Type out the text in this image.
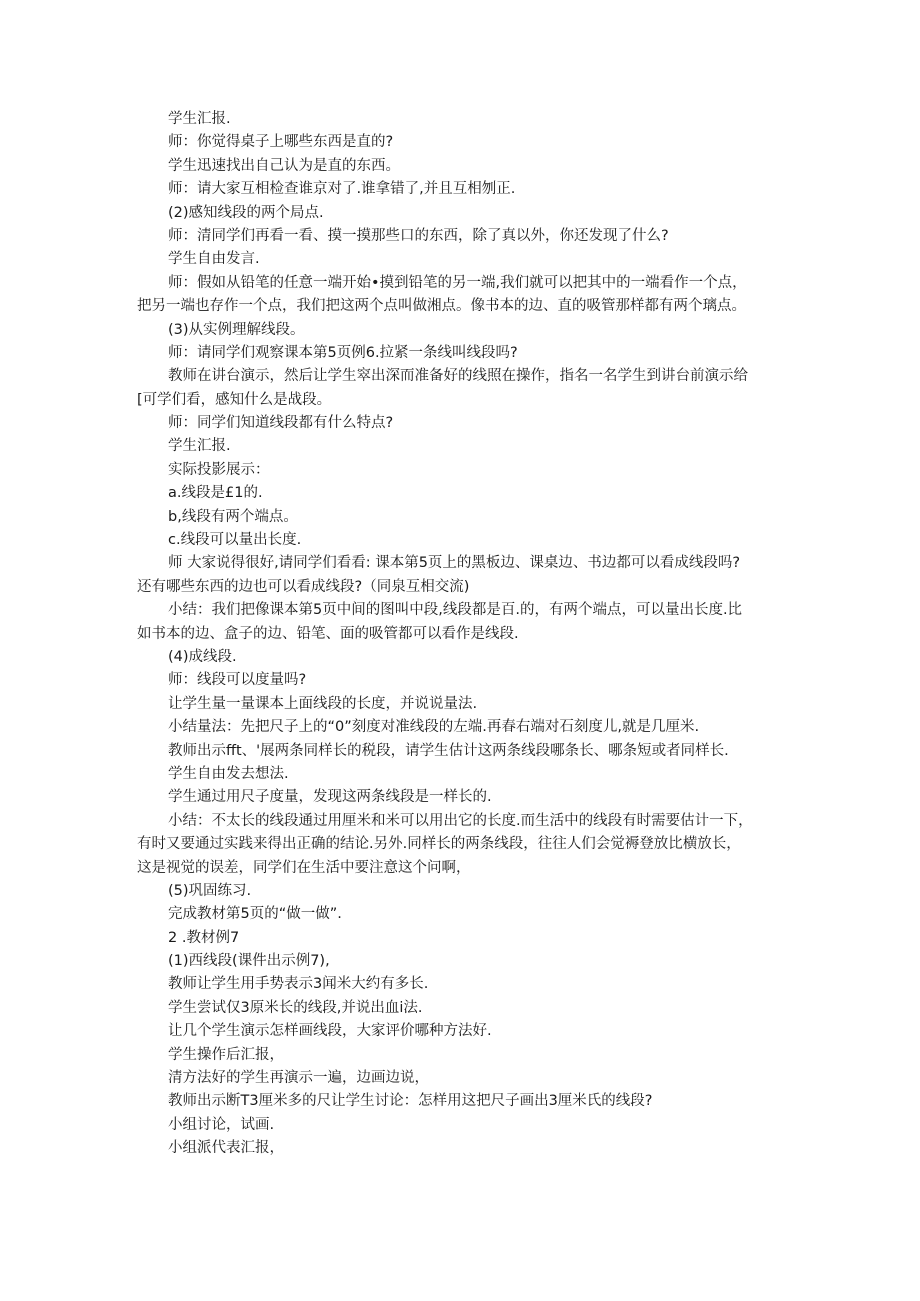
学生汇报.
师：你觉得桌子上哪些东西是直的?
学生迅速找出自己认为是直的东西。
师：请大家互相检查谁京对了.谁拿错了,并且互相刎正.
(2)感知线段的两个局点.
师：清同学们再看一看、摸一摸那些口的东西，除了真以外，你还发现了什么?
学生自由发言.
师：假如从铅笔的任意一端开始•摸到铅笔的另一端,我们就可以把其中的一端看作一个点，
把另一端也存作一个点，我们把这两个点叫做湘点。像书本的边、直的吸管那样都有两个璃点。
(3)从实例理解线段。
师：请同学们观察课本第5页例6.拉紧一条线叫线段吗?
教师在讲台演示，然后让学生窣出深而准备好的线照在操作，指名一名学生到讲台前演示给
[可学们看，感知什么是战段。
师：同学们知道线段都有什么特点?
学生汇报.
实际投影展示：
a.线段是£1的.
b,线段有两个端点。
c.线段可以量出长度.
师 大家说得很好,请同学们看看: 课本第5页上的黑板边、课桌边、书边都可以看成线段吗?
还有哪些东西的边也可以看成线段?（同泉互相交流)
小结：我们把像课本第5页中间的图叫中段,线段都是百.的，有两个端点，可以量出长度.比
如书本的边、盒子的边、铅笔、面的吸管都可以看作是线段.
(4)成线段.
师：线段可以度量吗?
让学生量一量课本上面线段的长度，并说说量法.
小结量法：先把尺子上的“0”刻度对准线段的左端.再春右端对石刻度儿,就是几厘米.
教师出示fft、'展两条同样长的税段，请学生估计这两条线段哪条长、哪条短或者同样长.
学生自由发去想法.
学生通过用尺子度量，发现这两条线段是一样长的.
小结：不太长的线段通过用厘米和米可以用出它的长度.而生活中的线段有时需要估计一下，
有时又要通过实践来得出正确的结论.另外.同样长的两条线段，往往人们会觉褥登放比横放长，
这是视觉的误差，同学们在生活中要注意这个问啊，
(5)巩固练习.
完成教材第5页的“做一做”.
2 .教材例7
(1)西线段(课件出示例7),
教师让学生用手势表示3闻米大约有多长.
学生尝试仅3原米长的线段,并说出血i法.
让几个学生演示怎样画线段，大家评价哪种方法好.
学生操作后汇报，
清方法好的学生再演示一遍，边画边说，
教师出示断T3厘米多的尺让学生讨论：怎样用这把尺子画出3厘米氏的线段?
小组讨论，试画.
小组派代表汇报，
